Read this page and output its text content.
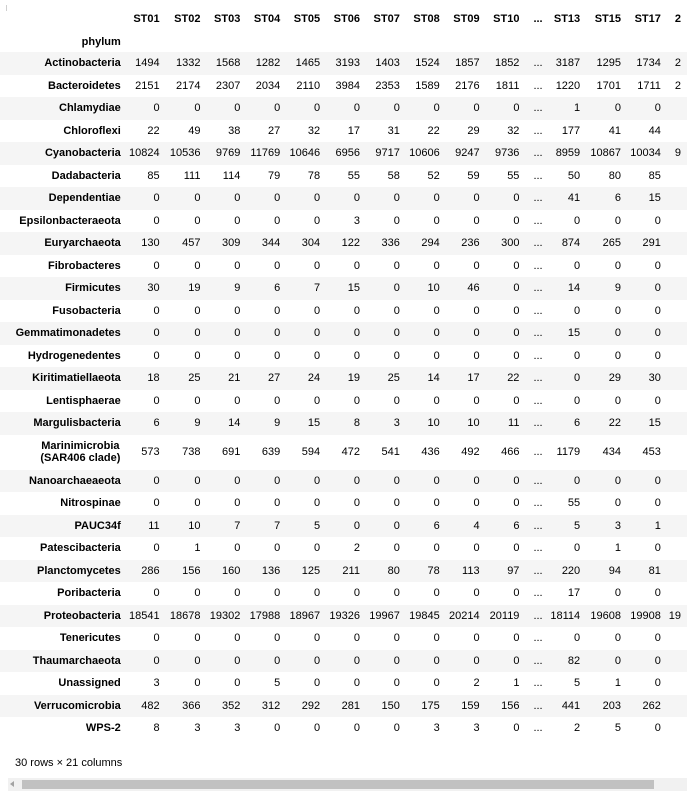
	ST01	ST02	ST03	ST04	ST05	ST06	ST07	ST08	ST09	ST10	...	ST13	ST15	ST17	2
phylum															
Actinobacteria	1494	1332	1568	1282	1465	3193	1403	1524	1857	1852	...	3187	1295	1734	2
Bacteroidetes	2151	2174	2307	2034	2110	3984	2353	1589	2176	1811	...	1220	1701	1711	2
Chlamydiae	0	0	0	0	0	0	0	0	0	0	...	1	0	0	
Chloroflexi	22	49	38	27	32	17	31	22	29	32	...	177	41	44	
Cyanobacteria	10824	10536	9769	11769	10646	6956	9717	10606	9247	9736	...	8959	10867	10034	9
Dadabacteria	85	111	114	79	78	55	58	52	59	55	...	50	80	85	
Dependentiae	0	0	0	0	0	0	0	0	0	0	...	41	6	15	
Epsilonbacteraeota	0	0	0	0	0	3	0	0	0	0	...	0	0	0	
Euryarchaeota	130	457	309	344	304	122	336	294	236	300	...	874	265	291	
Fibrobacteres	0	0	0	0	0	0	0	0	0	0	...	0	0	0	
Firmicutes	30	19	9	6	7	15	0	10	46	0	...	14	9	0	
Fusobacteria	0	0	0	0	0	0	0	0	0	0	...	0	0	0	
Gemmatimonadetes	0	0	0	0	0	0	0	0	0	0	...	15	0	0	
Hydrogenedentes	0	0	0	0	0	0	0	0	0	0	...	0	0	0	
Kiritimatiellaeota	18	25	21	27	24	19	25	14	17	22	...	0	29	30	
Lentisphaerae	0	0	0	0	0	0	0	0	0	0	...	0	0	0	
Margulisbacteria	6	9	14	9	15	8	3	10	10	11	...	6	22	15	
Marinimicrobia (SAR406 clade)	573	738	691	639	594	472	541	436	492	466	...	1179	434	453	
Nanoarchaeaeota	0	0	0	0	0	0	0	0	0	0	...	0	0	0	
Nitrospinae	0	0	0	0	0	0	0	0	0	0	...	55	0	0	
PAUC34f	11	10	7	7	5	0	0	6	4	6	...	5	3	1	
Patescibacteria	0	1	0	0	0	2	0	0	0	0	...	0	1	0	
Planctomycetes	286	156	160	136	125	211	80	78	113	97	...	220	94	81	
Poribacteria	0	0	0	0	0	0	0	0	0	0	...	17	0	0	
Proteobacteria	18541	18678	19302	17988	18967	19326	19967	19845	20214	20119	...	18114	19608	19908	19
Tenericutes	0	0	0	0	0	0	0	0	0	0	...	0	0	0	
Thaumarchaeota	0	0	0	0	0	0	0	0	0	0	...	82	0	0	
Unassigned	3	0	0	5	0	0	0	0	2	1	...	5	1	0	
Verrucomicrobia	482	366	352	312	292	281	150	175	159	156	...	441	203	262	
WPS-2	8	3	3	0	0	0	0	3	3	0	...	2	5	0	
30 rows × 21 columns
